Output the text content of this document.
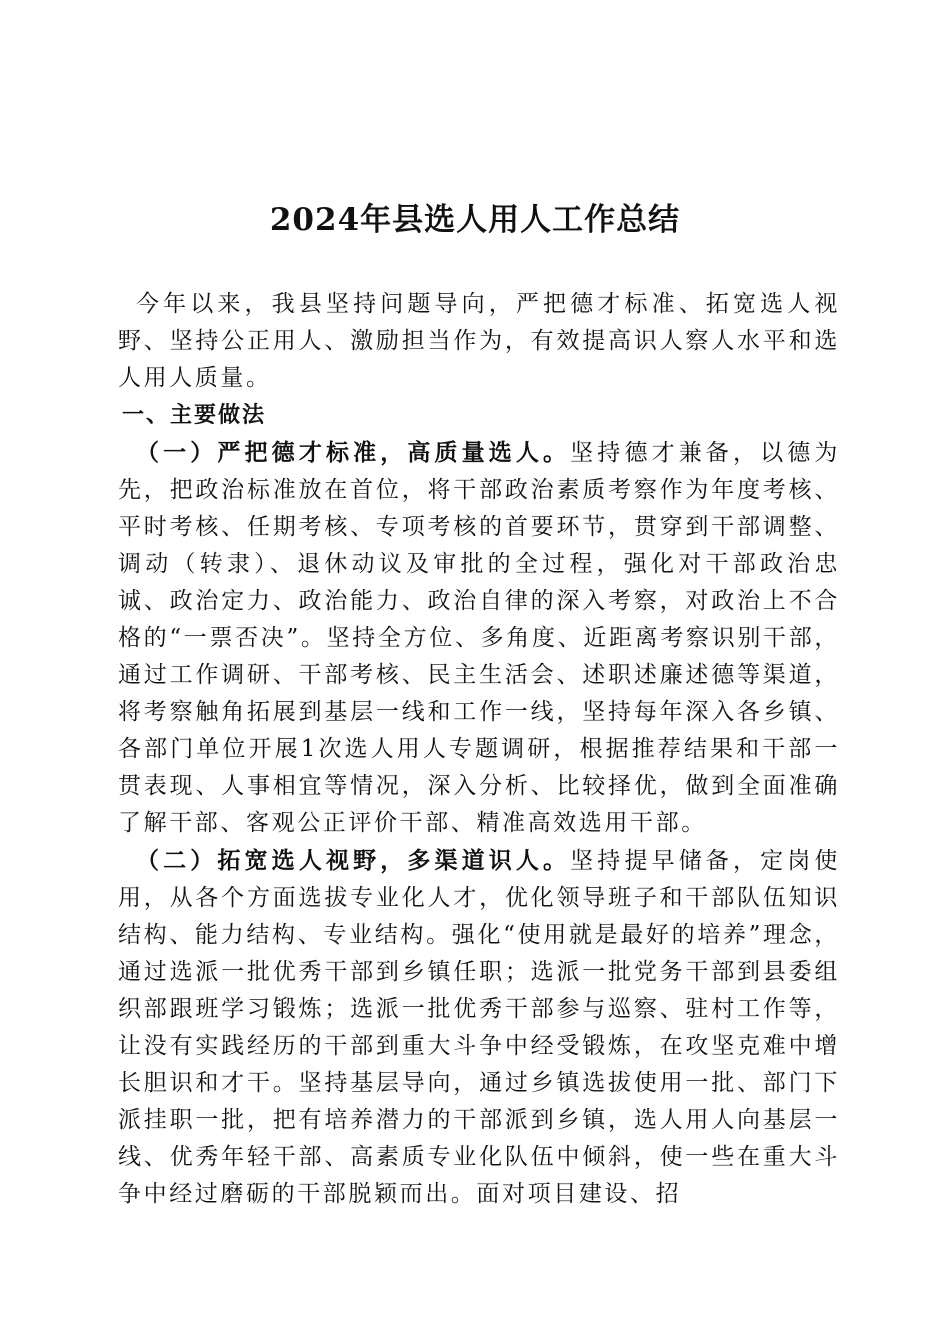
2024年县选人用人工作总结

今年以来，我县坚持问题导向，严把德才标准、拓宽选人视野、坚持公正用人、激励担当作为，有效提高识人察人水平和选人用人质量。

一、主要做法

（一）严把德才标准，高质量选人。坚持德才兼备，以德为先，把政治标准放在首位，将干部政治素质考察作为年度考核、平时考核、任期考核、专项考核的首要环节，贯穿到干部调整、调动（转隶）、退休动议及审批的全过程，强化对干部政治忠诚、政治定力、政治能力、政治自律的深入考察，对政治上不合格的“一票否决”。坚持全方位、多角度、近距离考察识别干部，通过工作调研、干部考核、民主生活会、述职述廉述德等渠道，将考察触角拓展到基层一线和工作一线，坚持每年深入各乡镇、各部门单位开展1次选人用人专题调研，根据推荐结果和干部一贯表现、人事相宜等情况，深入分析、比较择优，做到全面准确了解干部、客观公正评价干部、精准高效选用干部。

（二）拓宽选人视野，多渠道识人。坚持提早储备，定岗使用，从各个方面选拔专业化人才，优化领导班子和干部队伍知识结构、能力结构、专业结构。强化“使用就是最好的培养”理念，通过选派一批优秀干部到乡镇任职；选派一批党务干部到县委组织部跟班学习锻炼；选派一批优秀干部参与巡察、驻村工作等，让没有实践经历的干部到重大斗争中经受锻炼，在攻坚克难中增长胆识和才干。坚持基层导向，通过乡镇选拔使用一批、部门下派挂职一批，把有培养潜力的干部派到乡镇，选人用人向基层一线、优秀年轻干部、高素质专业化队伍中倾斜，使一些在重大斗争中经过磨砺的干部脱颖而出。面对项目建设、招
